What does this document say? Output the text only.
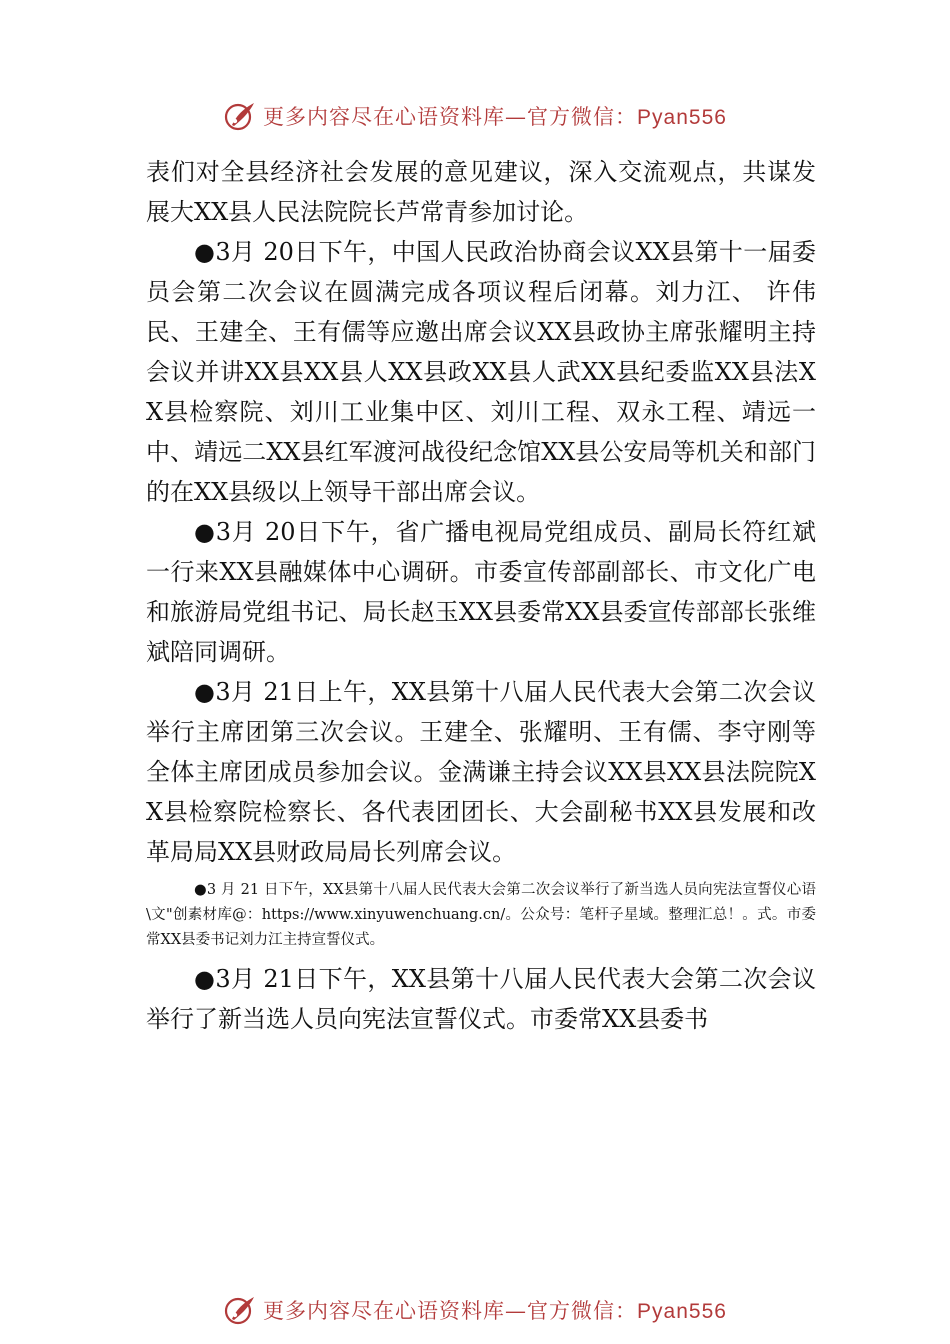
更多内容尽在心语资料库—官方微信：Pyan556

表们对全县经济社会发展的意见建议，深入交流观点，共谋发展大XX县人民法院院长芦常青参加讨论。

●3月 20日下午，中国人民政治协商会议XX县第十一届委员会第二次会议在圆满完成各项议程后闭幕。刘力江、 许伟民、王建全、王有儒等应邀出席会议XX县政协主席张耀明主持会议并讲XX县XX县人XX县政XX县人武XX县纪委监XX县法XX县检察院、刘川工业集中区、刘川工程、双永工程、靖远一中、靖远二XX县红军渡河战役纪念馆XX县公安局等机关和部门的在XX县级以上领导干部出席会议。

●3月 20日下午，省广播电视局党组成员、副局长符红斌一行来XX县融媒体中心调研。市委宣传部副部长、市文化广电和旅游局党组书记、局长赵玉XX县委常XX县委宣传部部长张维斌陪同调研。

●3月 21日上午，XX县第十八届人民代表大会第二次会议举行主席团第三次会议。王建全、张耀明、王有儒、李守刚等全体主席团成员参加会议。金满谦主持会议XX县XX县法院院XX县检察院检察长、各代表团团长、大会副秘书XX县发展和改革局局XX县财政局局长列席会议。

●3 月 21 日下午，XX县第十八届人民代表大会第二次会议举行了新当选人员向宪法宣誓仪心语\文"创素材库@：https://www.xinyuwenchuang.cn/。公众号：笔杆子星域。整理汇总！。式。市委常XX县委书记刘力江主持宣誓仪式。

●3月 21日下午，XX县第十八届人民代表大会第二次会议举行了新当选人员向宪法宣誓仪式。市委常XX县委书

更多内容尽在心语资料库—官方微信：Pyan556
